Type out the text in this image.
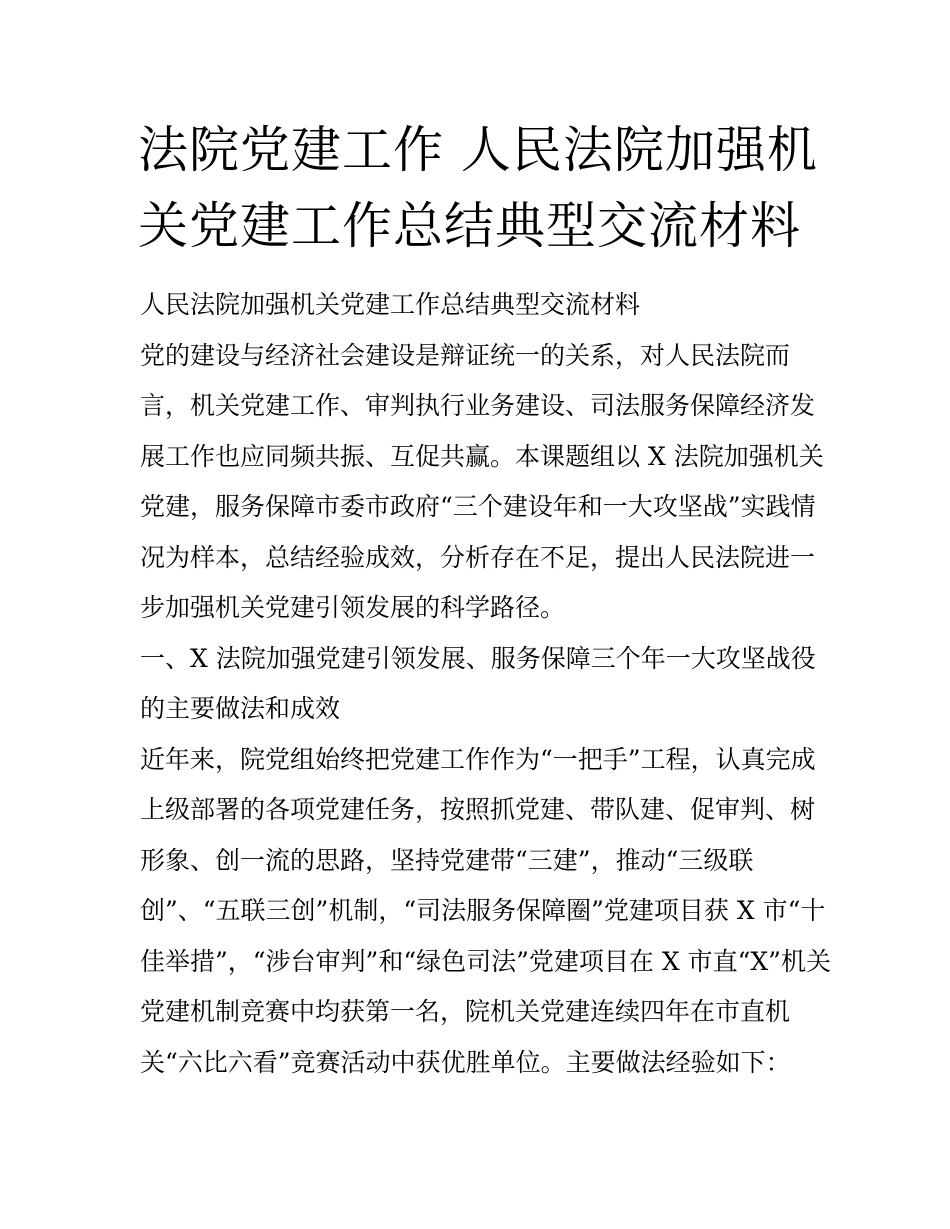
法院党建工作 人民法院加强机
关党建工作总结典型交流材料
人民法院加强机关党建工作总结典型交流材料
党的建设与经济社会建设是辩证统一的关系，对人民法院而
言，机关党建工作、审判执行业务建设、司法服务保障经济发
展工作也应同频共振、互促共赢。本课题组以 X 法院加强机关
党建，服务保障市委市政府“三个建设年和一大攻坚战”实践情
况为样本，总结经验成效，分析存在不足，提出人民法院进一
步加强机关党建引领发展的科学路径。
一、X 法院加强党建引领发展、服务保障三个年一大攻坚战役
的主要做法和成效
近年来，院党组始终把党建工作作为“一把手”工程，认真完成
上级部署的各项党建任务，按照抓党建、带队建、促审判、树
形象、创一流的思路，坚持党建带“三建”，推动“三级联
创”、“五联三创”机制，“司法服务保障圈”党建项目获 X 市“十
佳举措”，“涉台审判”和“绿色司法”党建项目在 X 市直“X”机关
党建机制竞赛中均获第一名，院机关党建连续四年在市直机
关“六比六看”竞赛活动中获优胜单位。主要做法经验如下：
